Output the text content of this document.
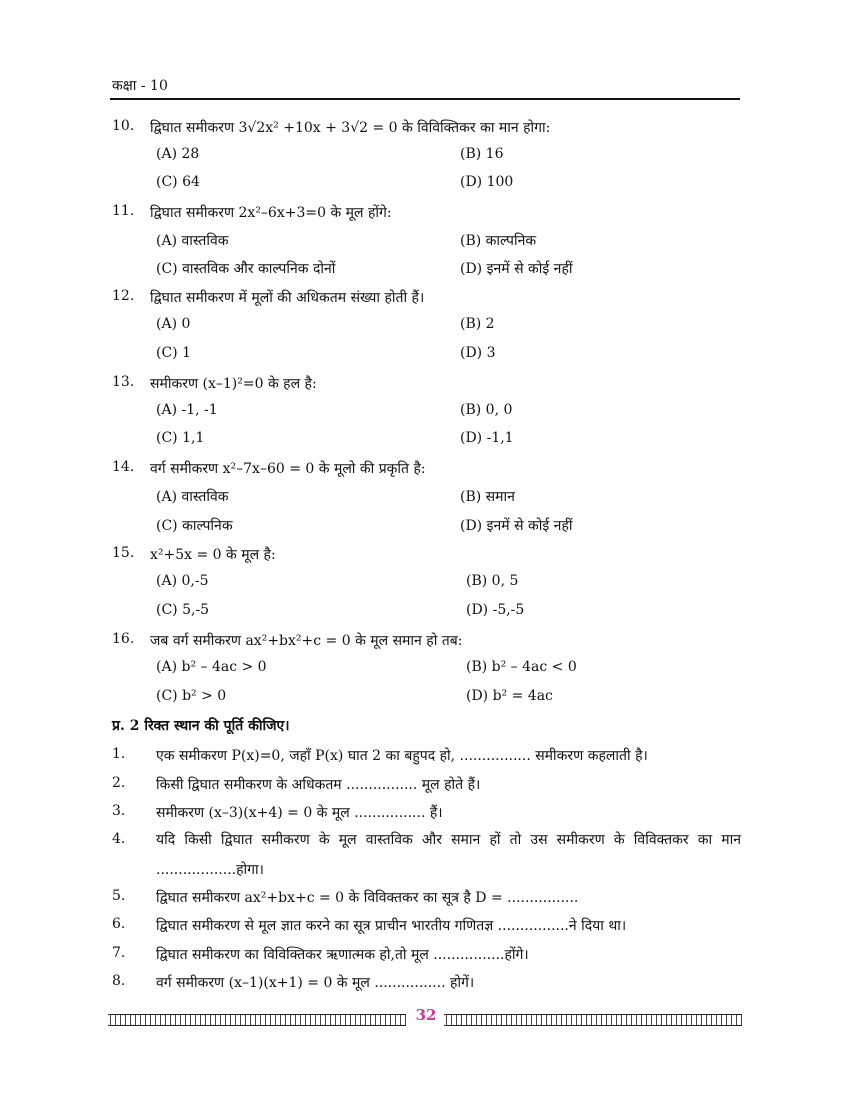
कक्षा - 10
10. द्विघात समीकरण 3√2x² +10x + 3√2 = 0 के विविक्तिकर का मान होगा:
(A) 28	(B) 16
(C) 64	(D) 100
11. द्विघात समीकरण 2x²–6x+3=0 के मूल होंगे:
(A) वास्तविक	(B) काल्पनिक
(C) वास्तविक और काल्पनिक दोनों	(D) इनमें से कोई नहीं
12. द्विघात समीकरण में मूलों की अधिकतम संख्या होती हैं।
(A) 0	(B) 2
(C) 1	(D) 3
13. समीकरण (x–1)²=0 के हल है:
(A) -1, -1	(B) 0, 0
(C) 1,1	(D) -1,1
14. वर्ग समीकरण x²–7x–60 = 0 के मूलो की प्रकृति है:
(A) वास्तविक	(B) समान
(C) काल्पनिक	(D) इनमें से कोई नहीं
15. x²+5x = 0 के मूल है:
(A) 0,-5	(B) 0, 5
(C) 5,-5	(D) -5,-5
16. जब वर्ग समीकरण ax²+bx²+c = 0 के मूल समान हो तब:
(A) b² – 4ac > 0	(B) b² – 4ac < 0
(C) b² > 0	(D) b² = 4ac
प्र. 2 रिक्त स्थान की पूर्ति कीजिए।
1. एक समीकरण P(x)=0, जहाँ P(x) घात 2 का बहुपद हो, ................ समीकरण कहलाती है।
2. किसी द्विघात समीकरण के अधिकतम ................ मूल होते हैं।
3. समीकरण (x–3)(x+4) = 0 के मूल ................ हैं।
4. यदि किसी द्विघात समीकरण के मूल वास्तविक और समान हों तो उस समीकरण के विविक्तकर का मान ..................होगा।
5. द्विघात समीकरण ax²+bx+c = 0 के विविक्तकर का सूत्र है D = ................
6. द्विघात समीकरण से मूल ज्ञात करने का सूत्र प्राचीन भारतीय गणितज्ञ ................ने दिया था।
7. द्विघात समीकरण का विविक्तिकर ऋणात्मक हो,तो मूल ................होंगे।
8. वर्ग समीकरण (x–1)(x+1) = 0 के मूल ................ होगें।
32
